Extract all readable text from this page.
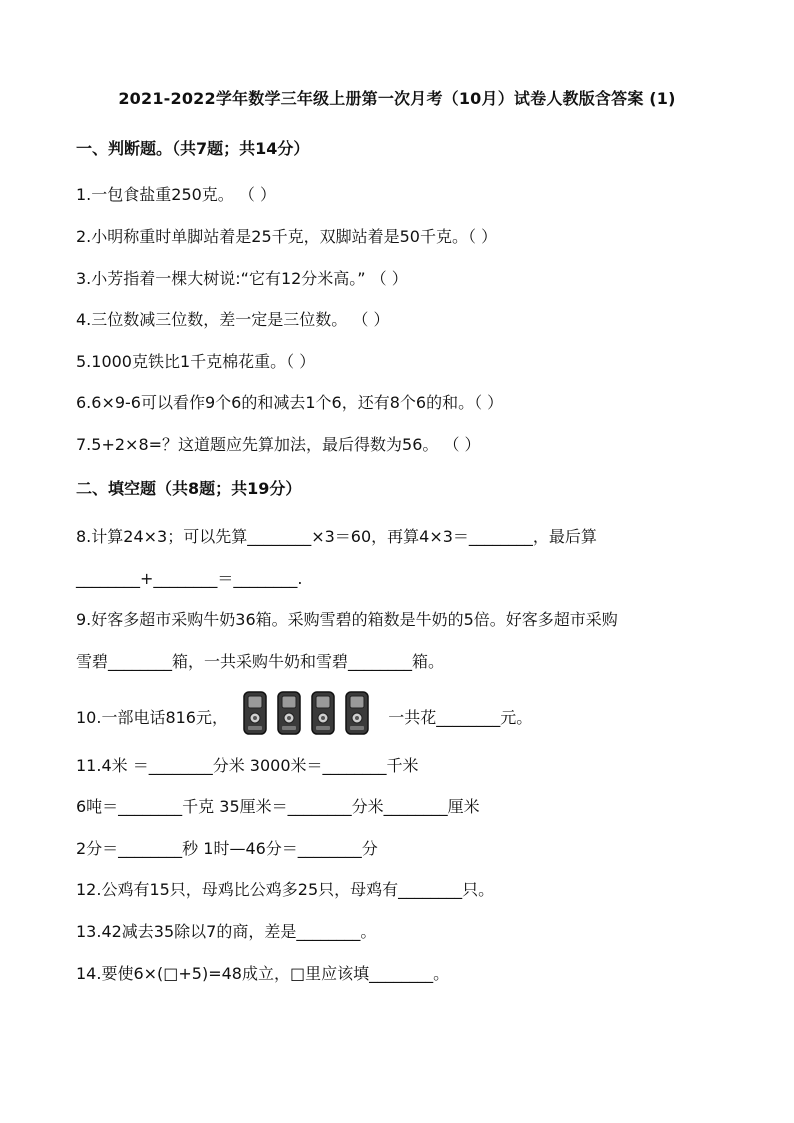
2021-2022学年数学三年级上册第一次月考（10月）试卷人教版含答案 (1)
一、判断题。（共7题；共14分）
1.一包食盐重250克。 （ ）
2.小明称重时单脚站着是25千克，双脚站着是50千克。（ ）
3.小芳指着一棵大树说:“它有12分米高。” （ ）
4.三位数减三位数，差一定是三位数。 （ ）
5.1000克铁比1千克棉花重。（ ）
6.6×9-6可以看作9个6的和减去1个6，还有8个6的和。（ ）
7.5+2×8=？这道题应先算加法，最后得数为56。 （ ）
二、填空题（共8题；共19分）
8.计算24×3；可以先算________×3＝60，再算4×3＝________，最后算
________+________＝________.
9.好客多超市采购牛奶36箱。采购雪碧的箱数是牛奶的5倍。好客多超市采购
雪碧________箱，一共采购牛奶和雪碧________箱。
10.一部电话816元，	一共花________元。
11.4米 ＝________分米 3000米＝________千米
6吨＝________千克 35厘米＝________分米________厘米
2分＝________秒 1时—46分＝________分
12.公鸡有15只，母鸡比公鸡多25只，母鸡有________只。
13.42减去35除以7的商，差是________。
14.要使6×(□+5)=48成立，□里应该填________。
